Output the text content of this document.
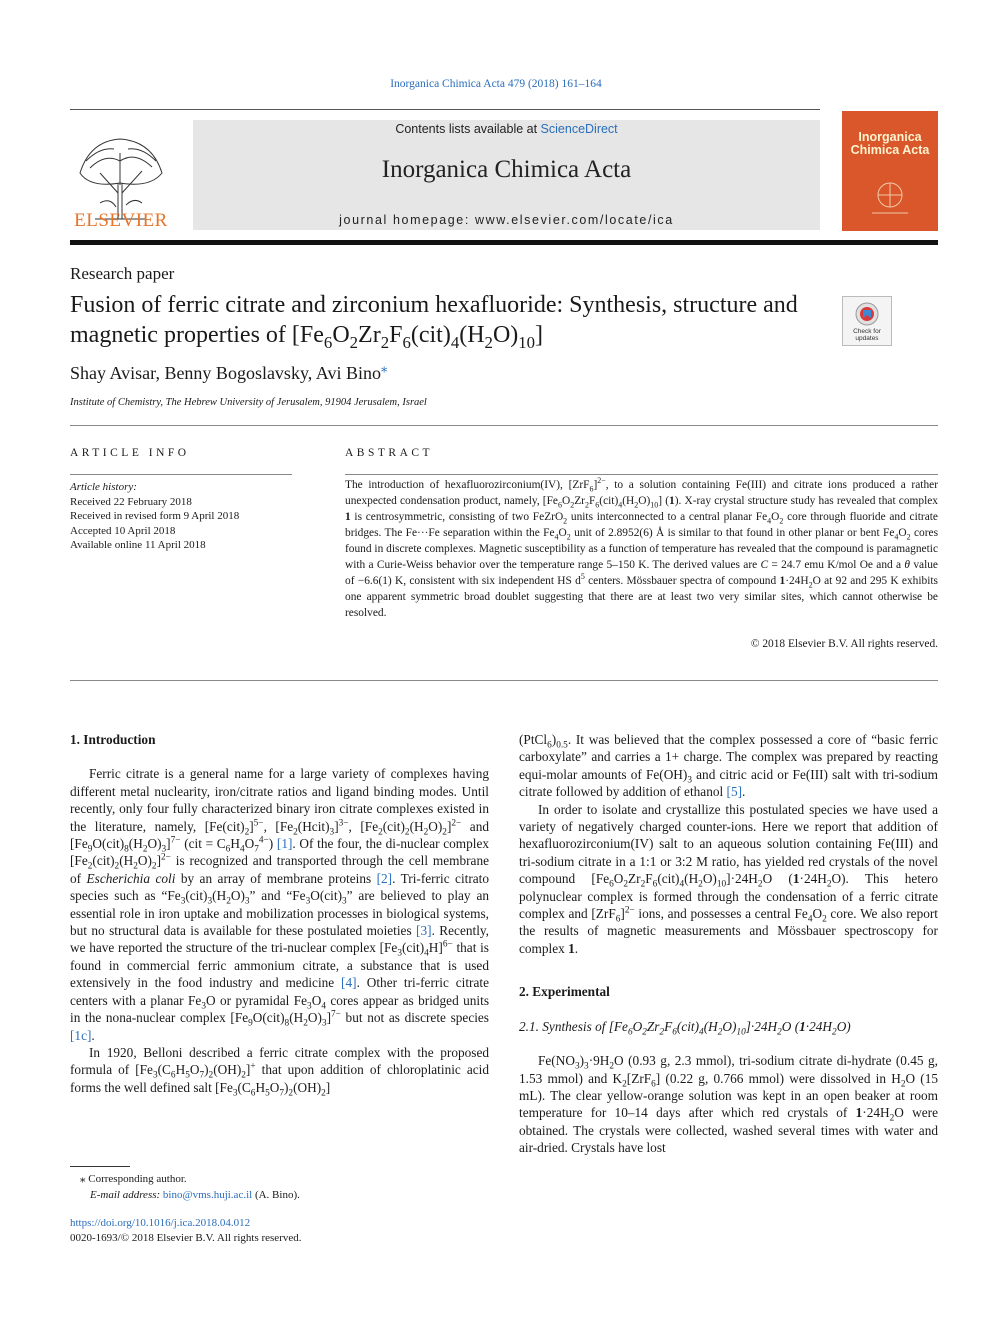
Inorganica Chimica Acta 479 (2018) 161–164
ELSEVIER
Contents lists available at ScienceDirect
Inorganica Chimica Acta
journal homepage: www.elsevier.com/locate/ica
Inorganica Chimica Acta
Research paper
Fusion of ferric citrate and zirconium hexafluoride: Synthesis, structure and magnetic properties of $[Fe_6O_2Zr_2F_6(cit)_4(H_2O)_{10}]$	Check for
updates
Shay Avisar, Benny Bogoslavsky, Avi Bino⁎
Institute of Chemistry, The Hebrew University of Jerusalem, 91904 Jerusalem, Israel
ARTICLE INFO
Article history:
Received 22 February 2018
Received in revised form 9 April 2018
Accepted 10 April 2018
Available online 11 April 2018
ABSTRACT
The introduction of hexafluorozirconium(IV), $[ZrF_6]^{2-}$, to a solution containing Fe(III) and citrate ions produced a rather unexpected condensation product, namely, $[Fe_6O_2Zr_2F_6(cit)_4(H_2O)_{10}]$ (1). X-ray crystal structure study has revealed that complex 1 is centrosymmetric, consisting of two FeZrO$_2$ units interconnected to a central planar $Fe_4O_2$ core through fluoride and citrate bridges. The Fe···Fe separation within the $Fe_4O_2$ unit of 2.8952(6) Å is similar to that found in other planar or bent $Fe_4O_2$ cores found in discrete complexes. Magnetic susceptibility as a function of temperature has revealed that the compound is paramagnetic with a Curie-Weiss behavior over the temperature range 5–150 K. The derived values are C = 24.7 emu K/mol Oe and a θ value of −6.6(1) K, consistent with six independent HS $d^5$ centers. Mössbauer spectra of compound $1\cdot 24H_2O$ at 92 and 295 K exhibits one apparent symmetric broad doublet suggesting that there are at least two very similar sites, which cannot otherwise be resolved.
© 2018 Elsevier B.V. All rights reserved.

1. Introduction

Ferric citrate is a general name for a large variety of complexes having different metal nuclearity, iron/citrate ratios and ligand binding modes. Until recently, only four fully characterized binary iron citrate complexes existed in the literature, namely, $[Fe(cit)_2]^{5-}$, $[Fe_2(Hcit)_3]^{3-}$, $[Fe_2(cit)_2(H_2O)_2]^{2-}$ and $[Fe_9O(cit)_8(H_2O)_3]^{7-}$ $(cit = C_6H_4O_7^{4-})$ [1]. Of the four, the di-nuclear complex $[Fe_2(cit)_2(H_2O)_2]^{2-}$ is recognized and transported through the cell membrane of Escherichia coli by an array of membrane proteins [2]. Tri-ferric citrato species such as “$Fe_3(cit)_3(H_2O)_3$” and “$Fe_3O(cit)_3$” are believed to play an essential role in iron uptake and mobilization processes in biological systems, but no structural data is available for these postulated moieties [3]. Recently, we have reported the structure of the tri-nuclear complex $[Fe_3(cit)_4H]^{6-}$ that is found in commercial ferric ammonium citrate, a substance that is used extensively in the food industry and medicine [4]. Other tri-ferric citrate centers with a planar $Fe_3O$ or pyramidal $Fe_3O_4$ cores appear as bridged units in the nona-nuclear complex $[Fe_9O(cit)_8(H_2O)_3]^{7-}$ but not as discrete species [1c].

In 1920, Belloni described a ferric citrate complex with the proposed formula of $[Fe_3(C_6H_5O_7)_2(OH)_2]^+$ that upon addition of chloroplatinic acid forms the well defined salt $[Fe_3(C_6H_5O_7)_2(OH)_2]$

⁎ Corresponding author.
E-mail address: bino@vms.huji.ac.il (A. Bino).
https://doi.org/10.1016/j.ica.2018.04.012
0020-1693/© 2018 Elsevier B.V. All rights reserved.

$(PtCl_6)_{0.5}$. It was believed that the complex possessed a core of “basic ferric carboxylate” and carries a 1+ charge. The complex was prepared by reacting equi-molar amounts of $Fe(OH)_3$ and citric acid or Fe(III) salt with tri-sodium citrate followed by addition of ethanol [5].

In order to isolate and crystallize this postulated species we have used a variety of negatively charged counter-ions. Here we report that addition of hexafluorozirconium(IV) salt to an aqueous solution containing Fe(III) and tri-sodium citrate in a 1:1 or 3:2 M ratio, has yielded red crystals of the novel compound $[Fe_6O_2Zr_2F_6(cit)_4(H_2O)_{10}]\cdot 24H_2O$ $(1\cdot 24H_2O)$. This hetero polynuclear complex is formed through the condensation of a ferric citrate complex and $[ZrF_6]^{2-}$ ions, and possesses a central $Fe_4O_2$ core. We also report the results of magnetic measurements and Mössbauer spectroscopy for complex 1.

2. Experimental

2.1. Synthesis of $[Fe_6O_2Zr_2F_6(cit)_4(H_2O)_{10}]\cdot 24H_2O$ $(1\cdot 24H_2O)$

$Fe(NO_3)_3\cdot 9H_2O$ (0.93 g, 2.3 mmol), tri-sodium citrate di-hydrate (0.45 g, 1.53 mmol) and $K_2[ZrF_6]$ (0.22 g, 0.766 mmol) were dissolved in $H_2O$ (15 mL). The clear yellow-orange solution was kept in an open beaker at room temperature for 10–14 days after which red crystals of $1\cdot 24H_2O$ were obtained. The crystals were collected, washed several times with water and air-dried. Crystals have lost
